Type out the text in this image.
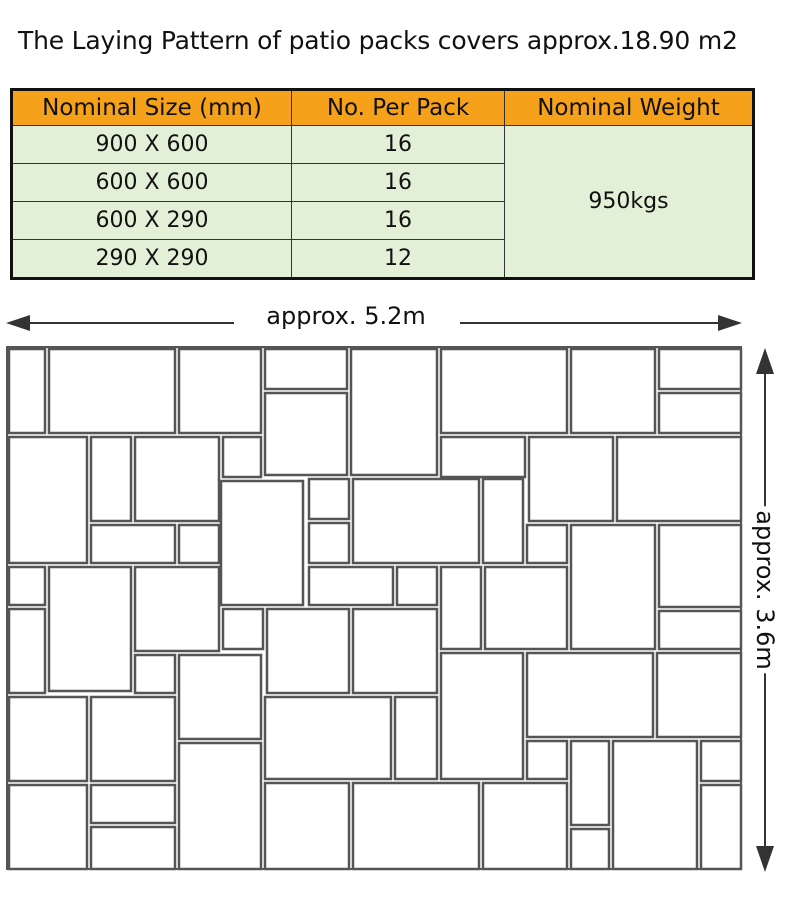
The Laying Pattern of patio packs covers approx.18.90 m2
Nominal Size (mm)	No. Per Pack	Nominal Weight
900 X 600	16	950kgs
600 X 600	16	
600 X 290	16	
290 X 290	12	
approx. 5.2m
approx. 3.6m
